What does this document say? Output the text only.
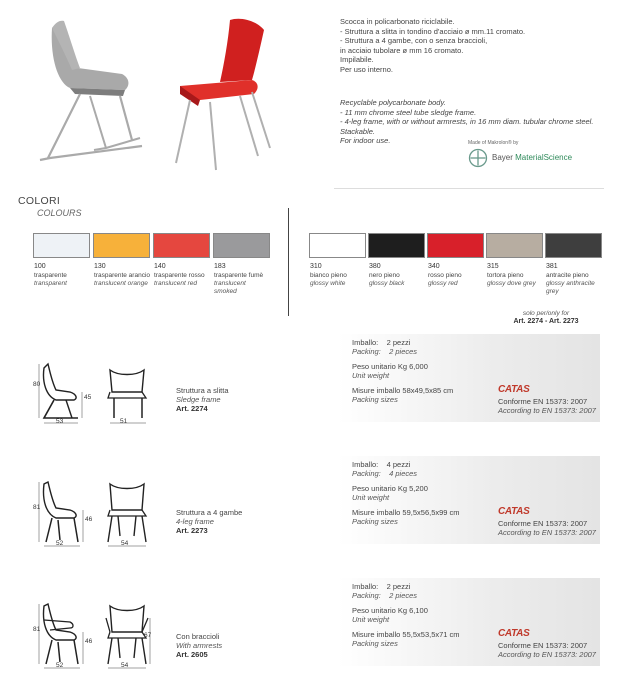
Scocca in policarbonato riciclabile.

- Struttura a slitta in tondino d'acciaio ø mm.11 cromato.

- Struttura a 4 gambe, con o senza braccioli,

in acciaio tubolare ø mm 16 cromato.

Impilabile.

Per uso interno.

Recyclable polycarbonate body.

- 11 mm chrome steel tube sledge frame.

- 4-leg frame, with or without armrests, in 16 mm diam. tubular chrome steel.

Stackable.

For indoor use.	Made of Makrolon® by
Bayer MaterialScience
COLORI
COLOURS
100
trasparente
transparent
130
trasparente arancio
translucent orange
140
trasparente rosso
translucent red
183
trasparente fumè
translucent smoked
310
bianco pieno
glossy white
380
nero pieno
glossy black
340
rosso pieno
glossy red
315
tortora pieno
glossy dove grey
381
antracite pieno
glossy anthracite grey
solo per/only for
Art. 2274 - Art. 2273
80
45
53	51
Struttura a slitta
Sledge frame
Art. 2274
Imballo: 2 pezzi
Packing: 2 pieces
Peso unitario Kg 6,000
Unit weight
Misure imballo 58x49,5x85 cm
Packing sizes
CATAS
Conforme EN 15373: 2007
According to EN 15373: 2007
81
46
52	54
Struttura a 4 gambe
4-leg frame
Art. 2273
Imballo: 4 pezzi
Packing: 4 pieces
Peso unitario Kg 5,200
Unit weight
Misure imballo 59,5x56,5x99 cm
Packing sizes
CATAS
Conforme EN 15373: 2007
According to EN 15373: 2007
81
46
67
52	54
Con braccioli
With armrests
Art. 2605
Imballo: 2 pezzi
Packing: 2 pieces
Peso unitario Kg 6,100
Unit weight
Misure imballo 55,5x53,5x71 cm
Packing sizes
CATAS
Conforme EN 15373: 2007
According to EN 15373: 2007
